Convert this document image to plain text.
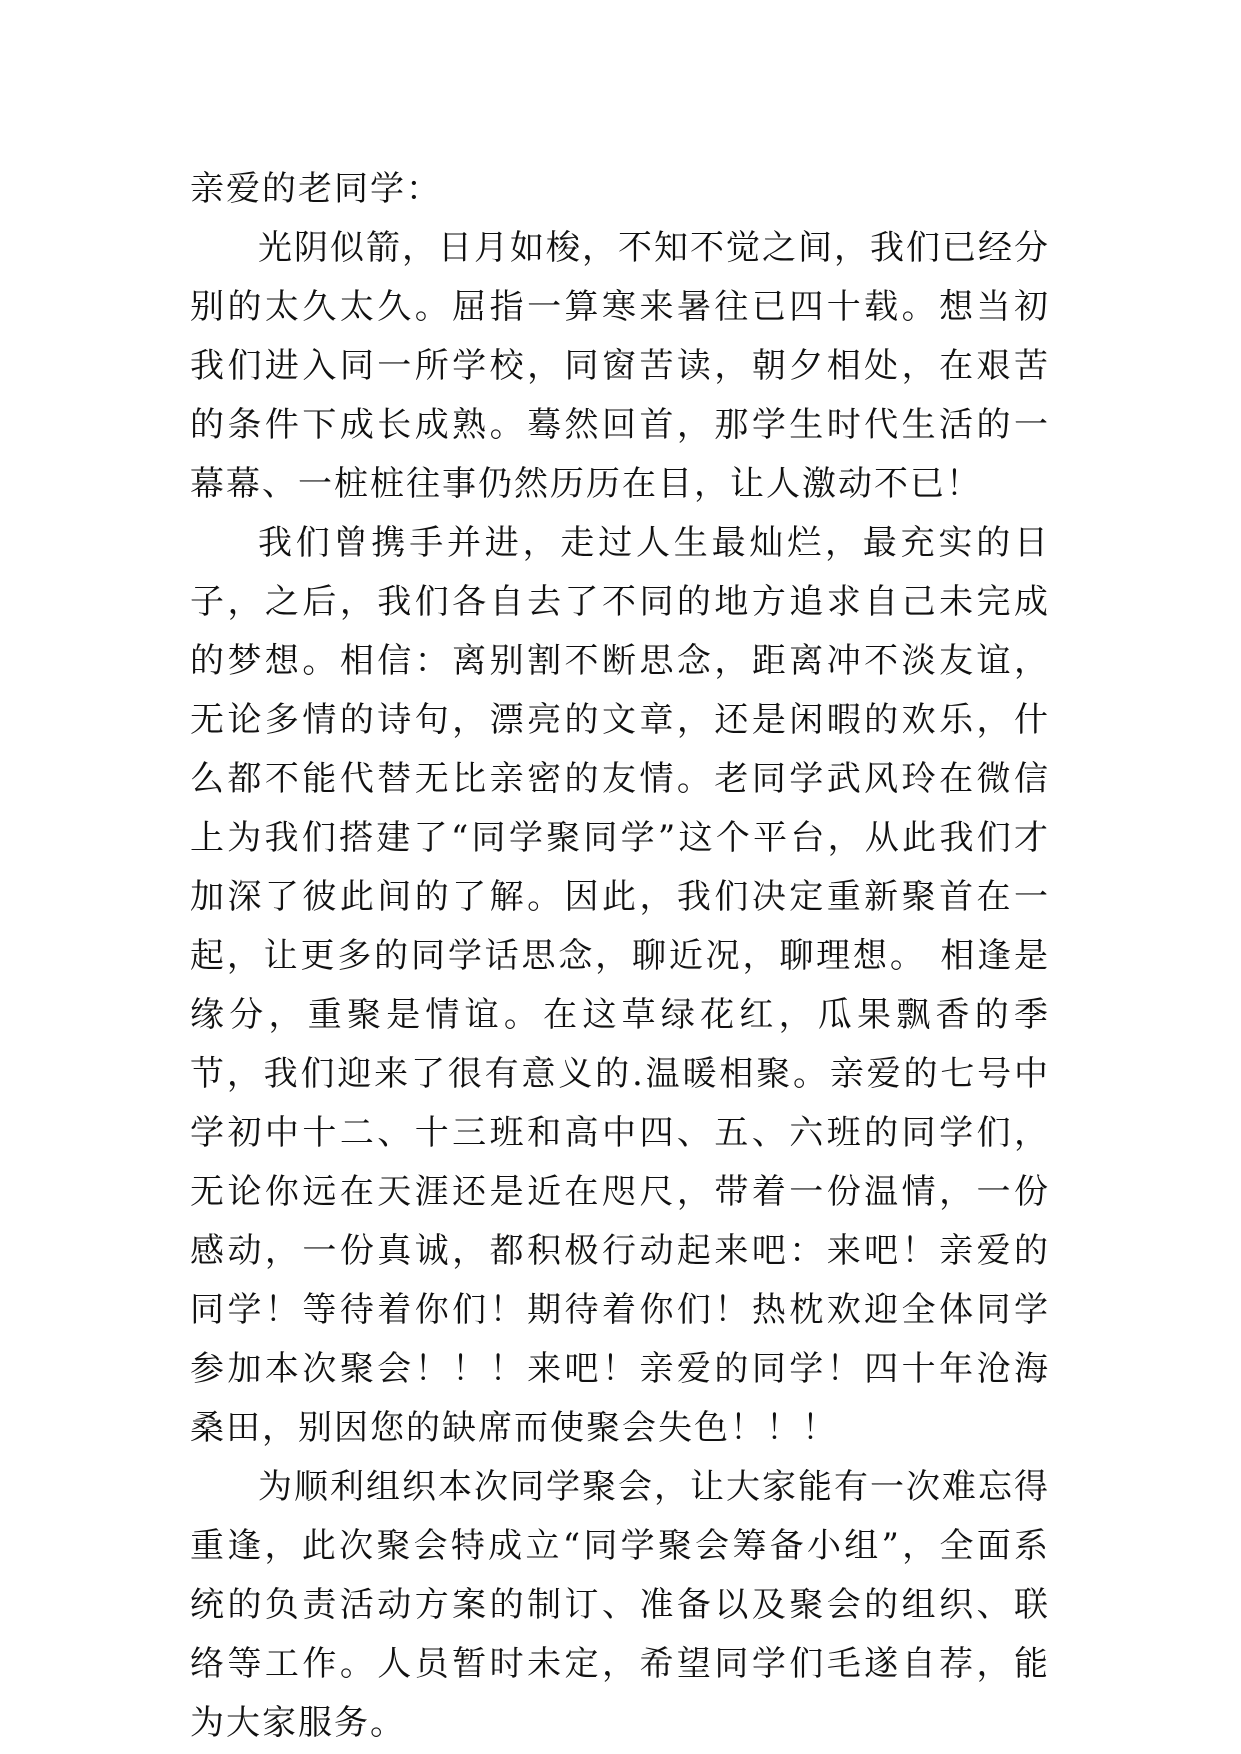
亲爱的老同学：

光阴似箭，日月如梭，不知不觉之间，我们已经分别的太久太久。屈指一算寒来暑往已四十载。想当初我们进入同一所学校，同窗苦读，朝夕相处，在艰苦的条件下成长成熟。蓦然回首，那学生时代生活的一幕幕、一桩桩往事仍然历历在目，让人激动不已！

我们曾携手并进，走过人生最灿烂，最充实的日子，之后，我们各自去了不同的地方追求自己未完成的梦想。相信：离别割不断思念，距离冲不淡友谊，无论多情的诗句，漂亮的文章，还是闲暇的欢乐，什么都不能代替无比亲密的友情。老同学武风玲在微信上为我们搭建了“同学聚同学”这个平台，从此我们才加深了彼此间的了解。因此，我们决定重新聚首在一起，让更多的同学话思念，聊近况，聊理想。 相逢是缘分，重聚是情谊。在这草绿花红，瓜果飘香的季节，我们迎来了很有意义的.温暖相聚。亲爱的七号中学初中十二、十三班和高中四、五、六班的同学们，无论你远在天涯还是近在咫尺，带着一份温情，一份感动，一份真诚，都积极行动起来吧：来吧！亲爱的同学！等待着你们！期待着你们！热枕欢迎全体同学参加本次聚会！！！来吧！亲爱的同学！四十年沧海桑田，别因您的缺席而使聚会失色！！！

为顺利组织本次同学聚会，让大家能有一次难忘得重逢，此次聚会特成立“同学聚会筹备小组”，全面系统的负责活动方案的制订、准备以及聚会的组织、联络等工作。人员暂时未定，希望同学们毛遂自荐，能为大家服务。
